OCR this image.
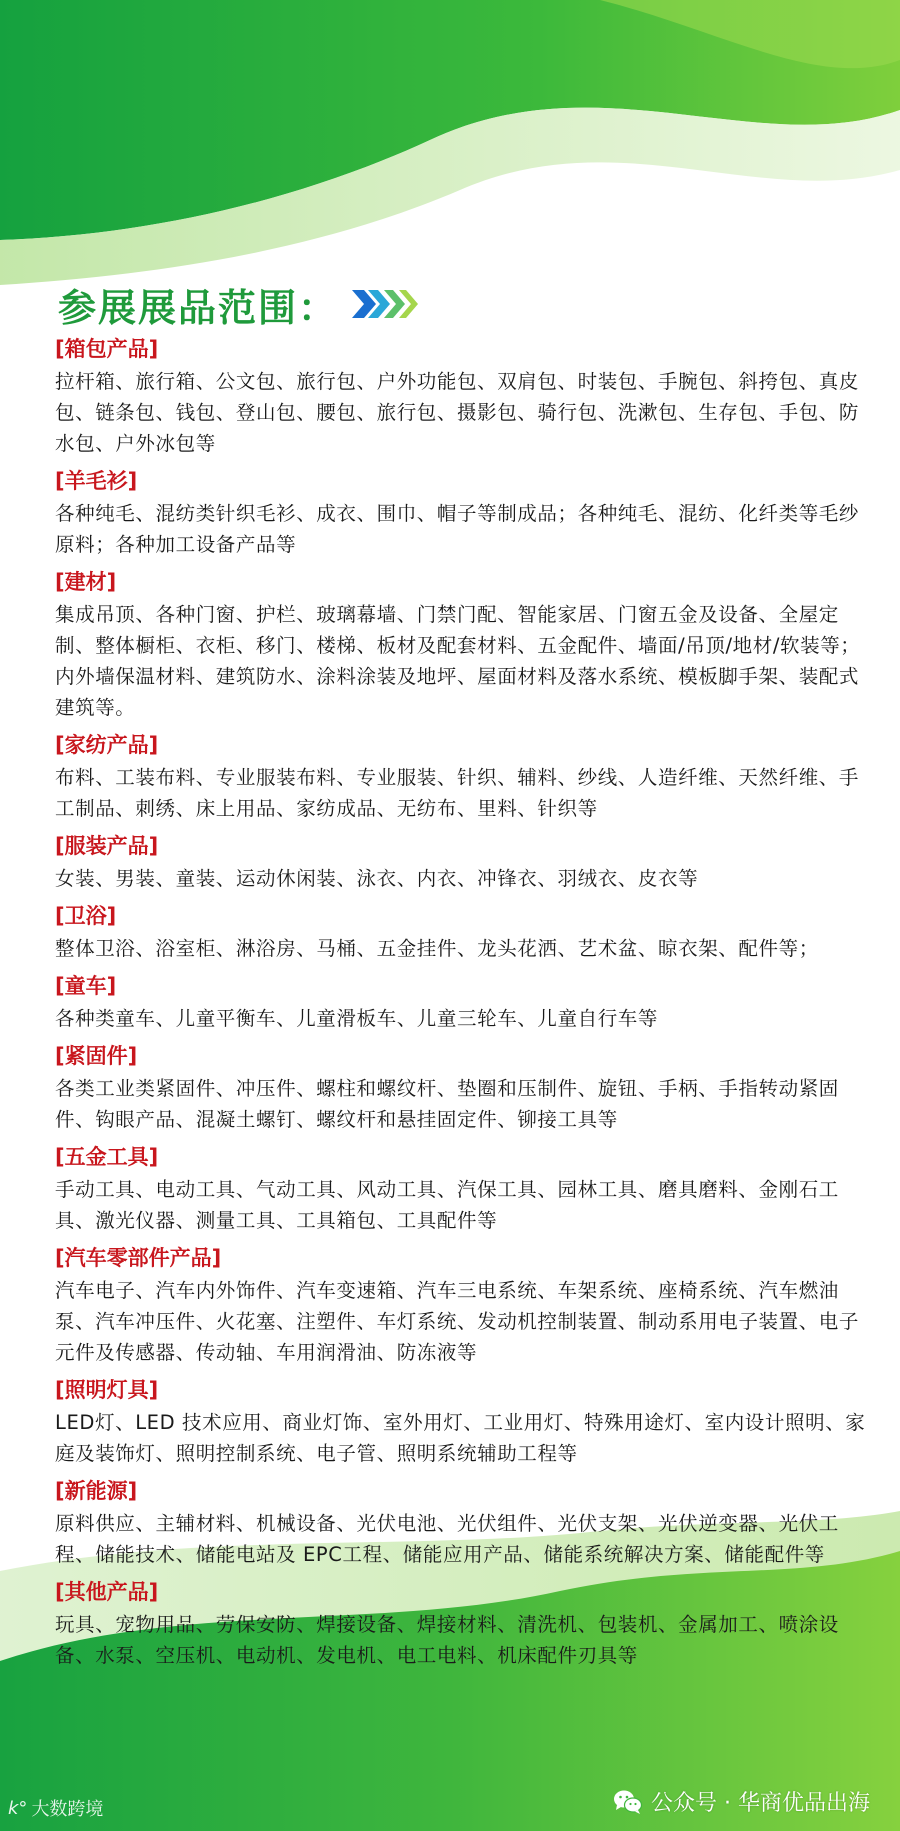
参展展品范围：
[箱包产品]
拉杆箱、旅行箱、公文包、旅行包、户外功能包、双肩包、时装包、手腕包、斜挎包、真皮包、链条包、钱包、登山包、腰包、旅行包、摄影包、骑行包、洗漱包、生存包、手包、防水包、户外冰包等
[羊毛衫]
各种纯毛、混纺类针织毛衫、成衣、围巾、帽子等制成品；各种纯毛、混纺、化纤类等毛纱原料；各种加工设备产品等
[建材]
集成吊顶、各种门窗、护栏、玻璃幕墙、门禁门配、智能家居、门窗五金及设备、全屋定制、整体橱柜、衣柜、移门、楼梯、板材及配套材料、五金配件、墙面/吊顶/地材/软装等；内外墙保温材料、建筑防水、涂料涂装及地坪、屋面材料及落水系统、模板脚手架、装配式建筑等。
[家纺产品]
布料、工装布料、专业服装布料、专业服装、针织、辅料、纱线、人造纤维、天然纤维、手工制品、刺绣、床上用品、家纺成品、无纺布、里料、针织等
[服装产品]
女装、男装、童装、运动休闲装、泳衣、内衣、冲锋衣、羽绒衣、皮衣等
[卫浴]
整体卫浴、浴室柜、淋浴房、马桶、五金挂件、龙头花洒、艺术盆、晾衣架、配件等；
[童车]
各种类童车、儿童平衡车、儿童滑板车、儿童三轮车、儿童自行车等
[紧固件]
各类工业类紧固件、冲压件、螺柱和螺纹杆、垫圈和压制件、旋钮、手柄、手指转动紧固件、钩眼产品、混凝土螺钉、螺纹杆和悬挂固定件、铆接工具等
[五金工具]
手动工具、电动工具、气动工具、风动工具、汽保工具、园林工具、磨具磨料、金刚石工具、激光仪器、测量工具、工具箱包、工具配件等
[汽车零部件产品]
汽车电子、汽车内外饰件、汽车变速箱、汽车三电系统、车架系统、座椅系统、汽车燃油泵、汽车冲压件、火花塞、注塑件、车灯系统、发动机控制装置、制动系用电子装置、电子元件及传感器、传动轴、车用润滑油、防冻液等
[照明灯具]
LED灯、LED 技术应用、商业灯饰、室外用灯、工业用灯、特殊用途灯、室内设计照明、家庭及装饰灯、照明控制系统、电子管、照明系统辅助工程等
[新能源]
原料供应、主辅材料、机械设备、光伏电池、光伏组件、光伏支架、光伏逆变器、光伏工程、储能技术、储能电站及 EPC工程、储能应用产品、储能系统解决方案、储能配件等
[其他产品]
玩具、宠物用品、劳保安防、焊接设备、焊接材料、清洗机、包装机、金属加工、喷涂设备、水泵、空压机、电动机、发电机、电工电料、机床配件刃具等
k° 大数跨境	公众号 · 华商优品出海
